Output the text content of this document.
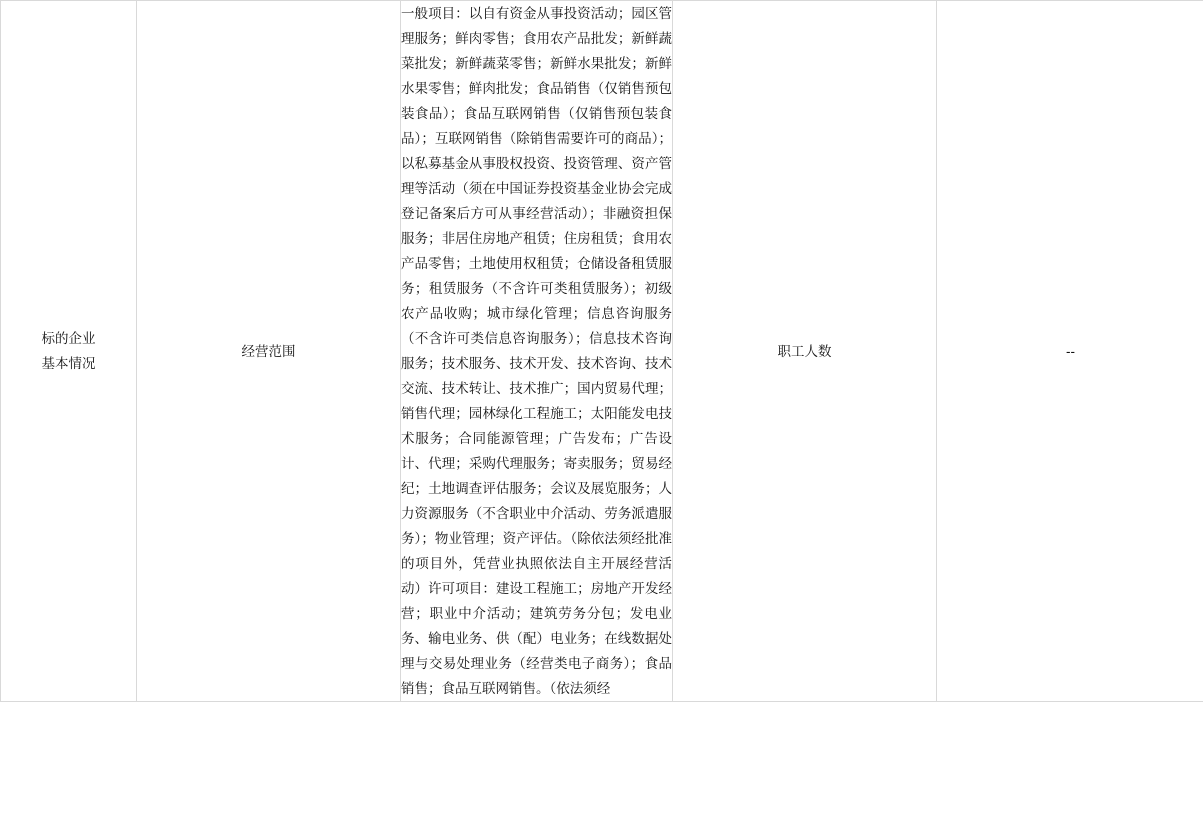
标的企业
基本情况	经营范围	一般项目：以自有资金从事投资活动；园区管理服务；鲜肉零售；食用农产品批发；新鲜蔬菜批发；新鲜蔬菜零售；新鲜水果批发；新鲜水果零售；鲜肉批发；食品销售（仅销售预包装食品）；食品互联网销售（仅销售预包装食品）；互联网销售（除销售需要许可的商品）；以私募基金从事股权投资、投资管理、资产管理等活动（须在中国证券投资基金业协会完成登记备案后方可从事经营活动）；非融资担保服务；非居住房地产租赁；住房租赁；食用农产品零售；土地使用权租赁；仓储设备租赁服务；租赁服务（不含许可类租赁服务）；初级农产品收购；城市绿化管理；信息咨询服务（不含许可类信息咨询服务）；信息技术咨询服务；技术服务、技术开发、技术咨询、技术交流、技术转让、技术推广；国内贸易代理；销售代理；园林绿化工程施工；太阳能发电技术服务；合同能源管理；广告发布；广告设计、代理；采购代理服务；寄卖服务；贸易经纪；土地调查评估服务；会议及展览服务；人力资源服务（不含职业中介活动、劳务派遣服务）；物业管理；资产评估。（除依法须经批准的项目外，凭营业执照依法自主开展经营活动）许可项目：建设工程施工；房地产开发经营；职业中介活动；建筑劳务分包；发电业务、输电业务、供（配）电业务；在线数据处理与交易处理业务（经营类电子商务）；食品销售；食品互联网销售。（依法须经	职工人数	--
